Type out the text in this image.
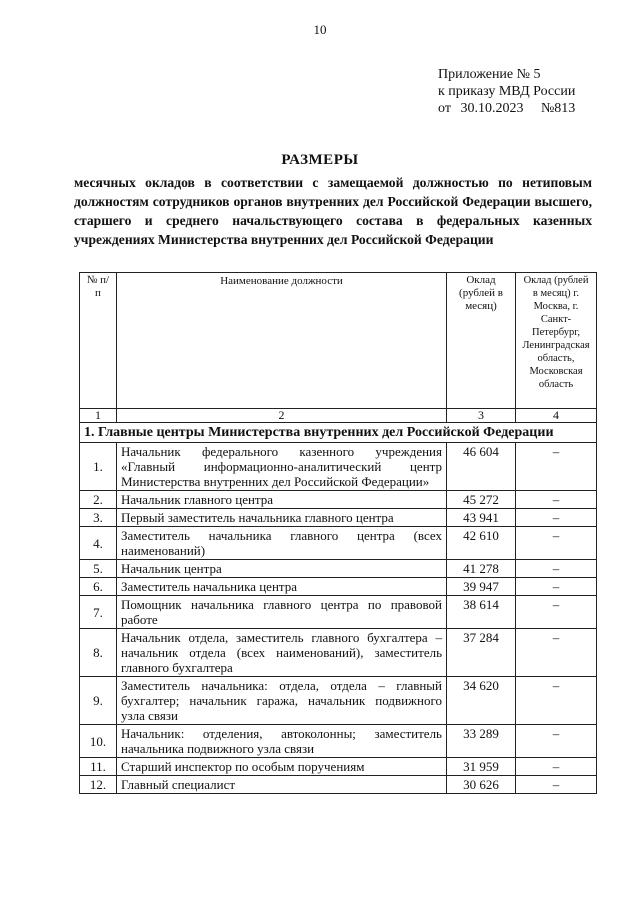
10
Приложение № 5
к приказу МВД России
от 30.10.2023 №813
РАЗМЕРЫ
месячных окладов в соответствии с замещаемой должностью по нетиповым должностям сотрудников органов внутренних дел Российской Федерации высшего, старшего и среднего начальствующего состава в федеральных казенных учреждениях Министерства внутренних дел Российской Федерации
№ п/п	Наименование должности	Оклад (рублей в месяц)	Оклад (рублей в месяц) г. Москва, г. Санкт-Петербург, Ленинградская область, Московская область
1	2	3	4
1. Главные центры Министерства внутренних дел Российской Федерации			
1.	Начальник федерального казенного учреждения «Главный информационно-аналитический центр Министерства внутренних дел Российской Федерации»	46 604	–
2.	Начальник главного центра	45 272	–
3.	Первый заместитель начальника главного центра	43 941	–
4.	Заместитель начальника главного центра (всех наименований)	42 610	–
5.	Начальник центра	41 278	–
6.	Заместитель начальника центра	39 947	–
7.	Помощник начальника главного центра по правовой работе	38 614	–
8.	Начальник отдела, заместитель главного бухгалтера – начальник отдела (всех наименований), заместитель главного бухгалтера	37 284	–
9.	Заместитель начальника: отдела, отдела – главный бухгалтер; начальник гаража, начальник подвижного узла связи	34 620	–
10.	Начальник: отделения, автоколонны; заместитель начальника подвижного узла связи	33 289	–
11.	Старший инспектор по особым поручениям	31 959	–
12.	Главный специалист	30 626	–
